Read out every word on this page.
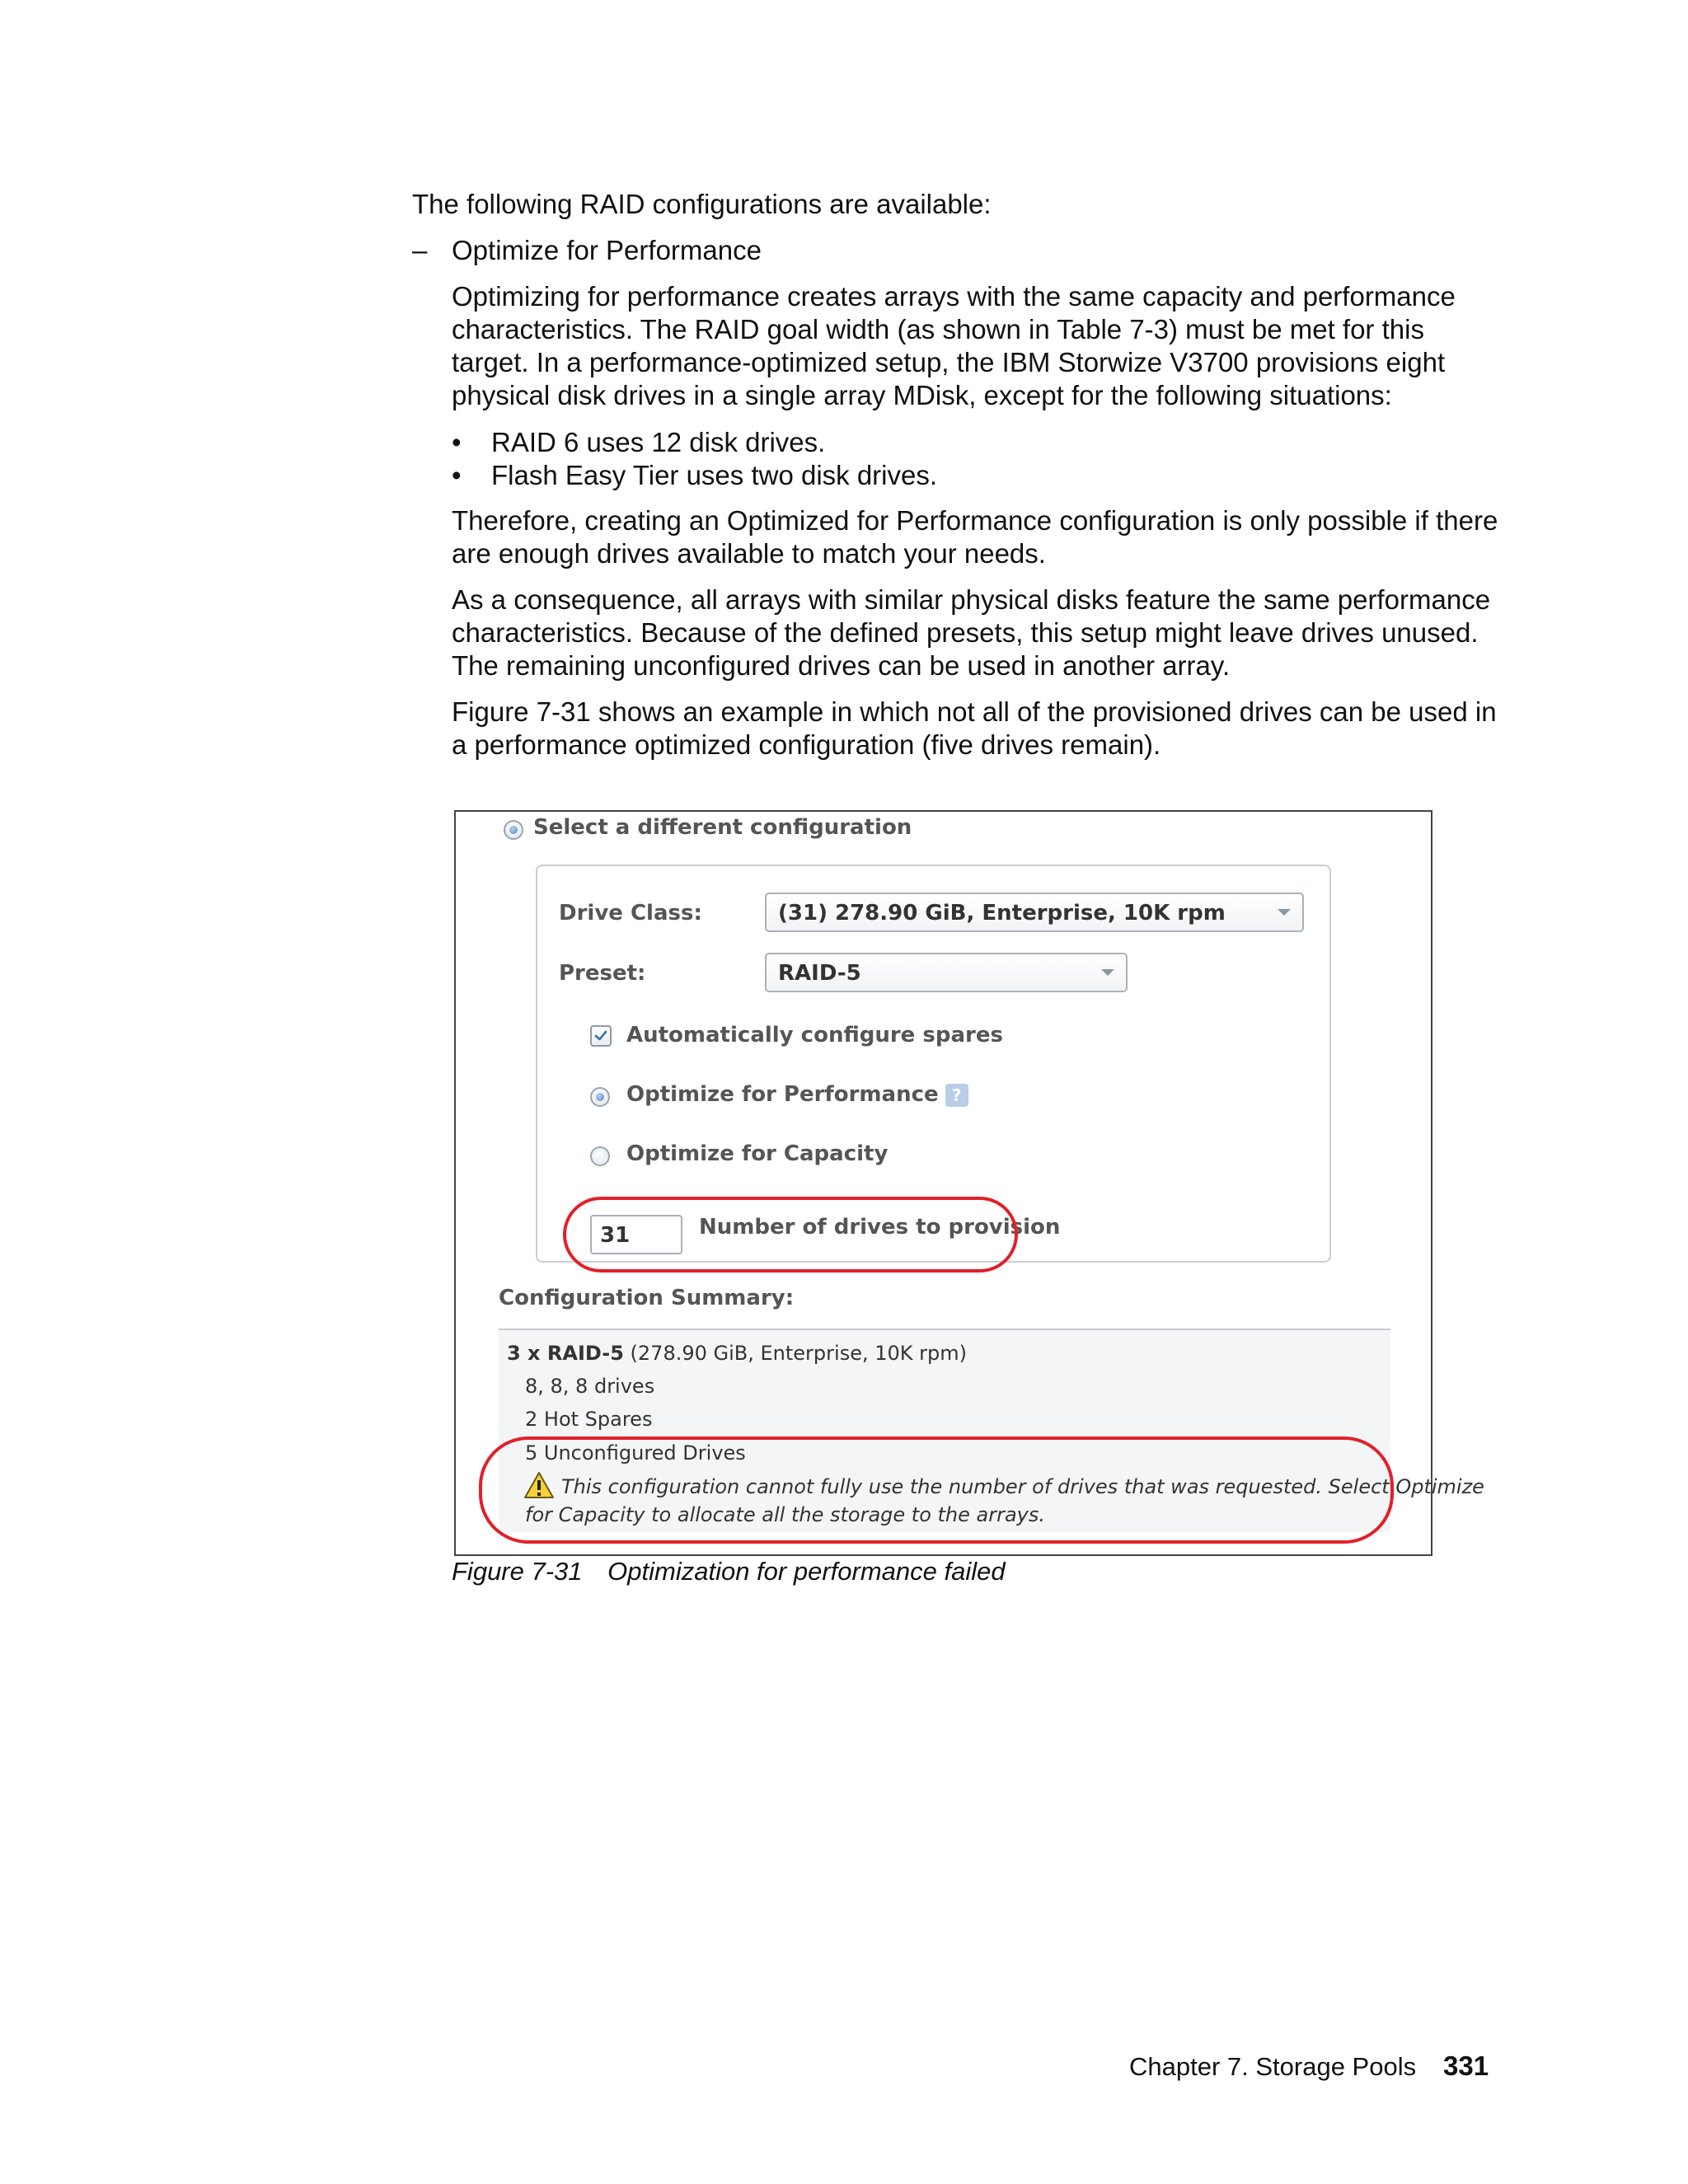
The following RAID configurations are available:
– Optimize for Performance
Optimizing for performance creates arrays with the same capacity and performance characteristics. The RAID goal width (as shown in Table 7-3) must be met for this target. In a performance-optimized setup, the IBM Storwize V3700 provisions eight physical disk drives in a single array MDisk, except for the following situations:
• RAID 6 uses 12 disk drives.
• Flash Easy Tier uses two disk drives.
Therefore, creating an Optimized for Performance configuration is only possible if there are enough drives available to match your needs.
As a consequence, all arrays with similar physical disks feature the same performance characteristics. Because of the defined presets, this setup might leave drives unused. The remaining unconfigured drives can be used in another array.
Figure 7-31 shows an example in which not all of the provisioned drives can be used in a performance optimized configuration (five drives remain).
Select a different configuration
Drive Class:	(31) 278.90 GiB, Enterprise, 10K rpm
Preset:	RAID-5
Automatically configure spares
Optimize for Performance ?
Optimize for Capacity
31	Number of drives to provision
Configuration Summary:
3 x RAID-5 (278.90 GiB, Enterprise, 10K rpm)
8, 8, 8 drives
2 Hot Spares
5 Unconfigured Drives
This configuration cannot fully use the number of drives that was requested. Select Optimize
for Capacity to allocate all the storage to the arrays.
Figure 7-31 Optimization for performance failed
Chapter 7. Storage Pools 331
